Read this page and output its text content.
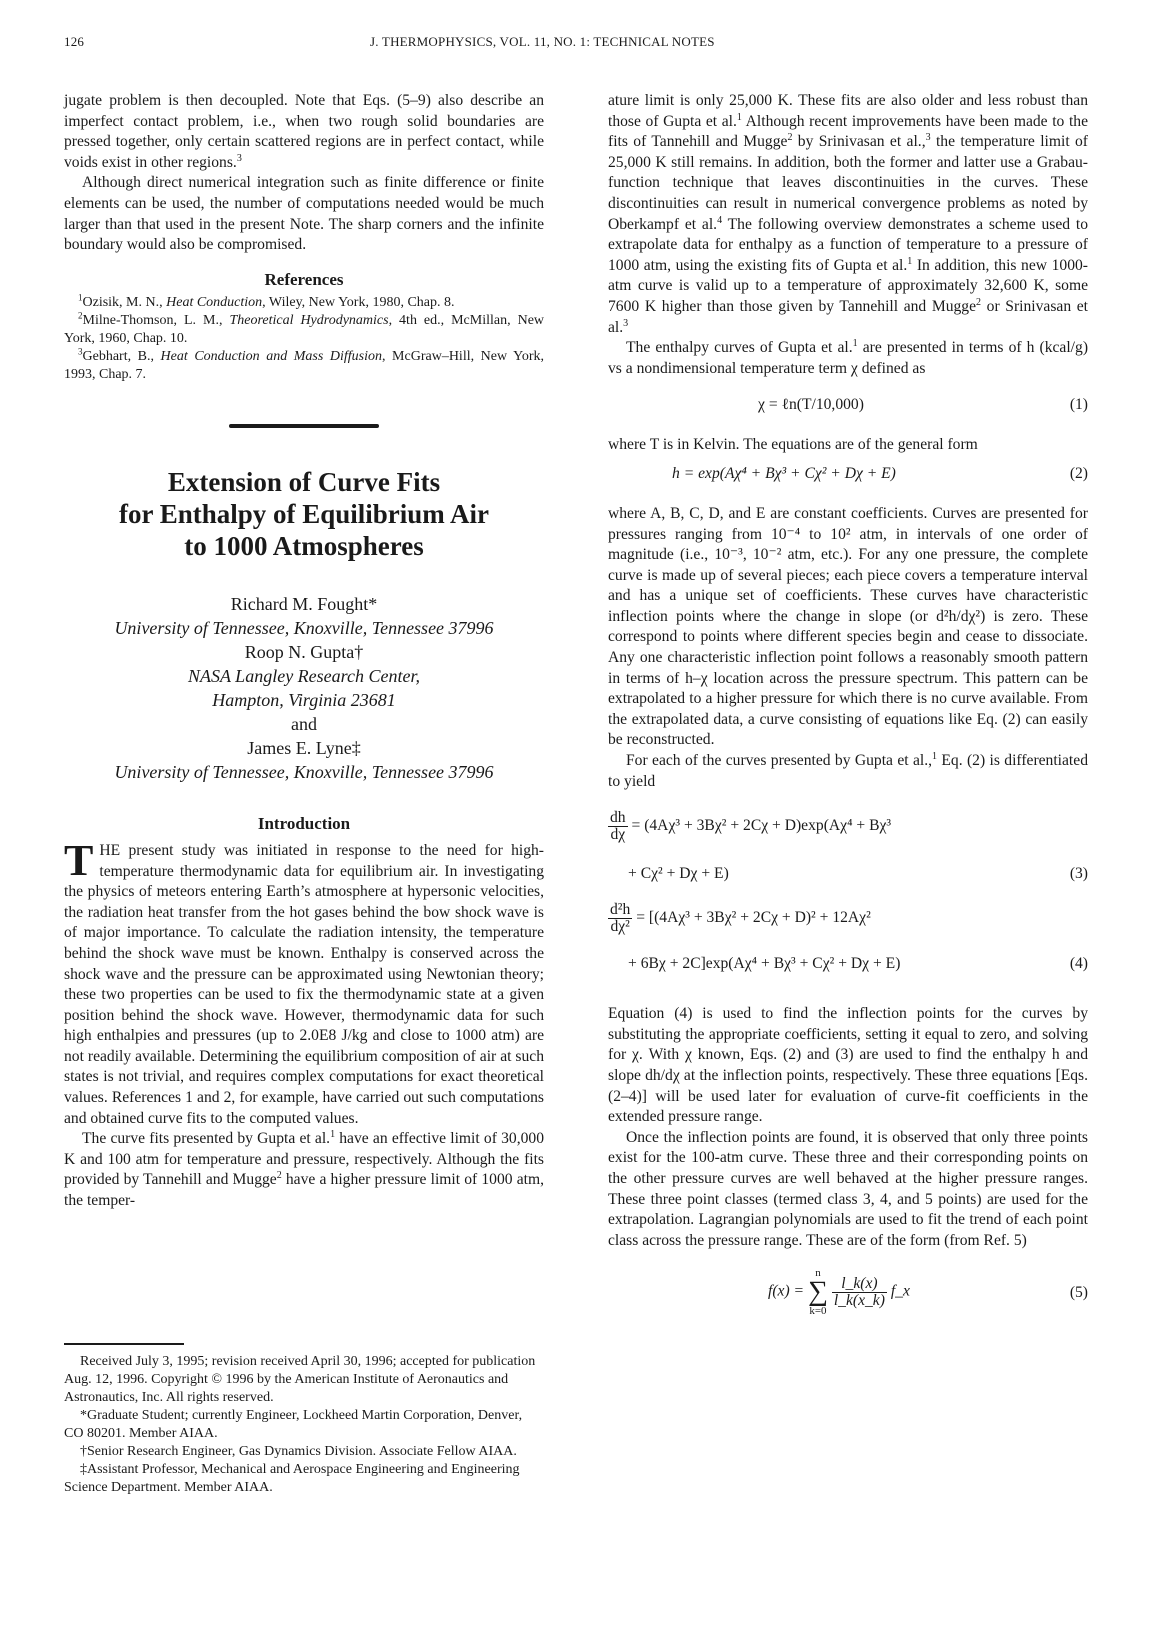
126	J. THERMOPHYSICS, VOL. 11, NO. 1: TECHNICAL NOTES

jugate problem is then decoupled. Note that Eqs. (5–9) also describe an imperfect contact problem, i.e., when two rough solid boundaries are pressed together, only certain scattered regions are in perfect contact, while voids exist in other regions.$^3$

Although direct numerical integration such as finite difference or finite elements can be used, the number of computations needed would be much larger than that used in the present Note. The sharp corners and the infinite boundary would also be compromised.

References

$^1$Ozisik, M. N., Heat Conduction, Wiley, New York, 1980, Chap. 8.

$^2$Milne-Thomson, L. M., Theoretical Hydrodynamics, 4th ed., McMillan, New York, 1960, Chap. 10.

$^3$Gebhart, B., Heat Conduction and Mass Diffusion, McGraw–Hill, New York, 1993, Chap. 7.

Extension of Curve Fits

for Enthalpy of Equilibrium Air

to 1000 Atmospheres

Richard M. Fought*
University of Tennessee, Knoxville, Tennessee 37996
Roop N. Gupta†
NASA Langley Research Center,
Hampton, Virginia 23681
and
James E. Lyne‡
University of Tennessee, Knoxville, Tennessee 37996

Introduction

THE present study was initiated in response to the need for high-temperature thermodynamic data for equilibrium air. In investigating the physics of meteors entering Earth’s atmosphere at hypersonic velocities, the radiation heat transfer from the hot gases behind the bow shock wave is of major importance. To calculate the radiation intensity, the temperature behind the shock wave must be known. Enthalpy is conserved across the shock wave and the pressure can be approximated using Newtonian theory; these two properties can be used to fix the thermodynamic state at a given position behind the shock wave. However, thermodynamic data for such high enthalpies and pressures (up to 2.0E8 J/kg and close to 1000 atm) are not readily available. Determining the equilibrium composition of air at such states is not trivial, and requires complex computations for exact theoretical values. References 1 and 2, for example, have carried out such computations and obtained curve fits to the computed values.

The curve fits presented by Gupta et al.$^1$ have an effective limit of 30,000 K and 100 atm for temperature and pressure, respectively. Although the fits provided by Tannehill and Mugge$^2$ have a higher pressure limit of 1000 atm, the temper-

Received July 3, 1995; revision received April 30, 1996; accepted for publication Aug. 12, 1996. Copyright © 1996 by the American Institute of Aeronautics and Astronautics, Inc. All rights reserved.

*Graduate Student; currently Engineer, Lockheed Martin Corporation, Denver, CO 80201. Member AIAA.

†Senior Research Engineer, Gas Dynamics Division. Associate Fellow AIAA.

‡Assistant Professor, Mechanical and Aerospace Engineering and Engineering Science Department. Member AIAA.

ature limit is only 25,000 K. These fits are also older and less robust than those of Gupta et al.$^1$ Although recent improvements have been made to the fits of Tannehill and Mugge$^2$ by Srinivasan et al.,$^3$ the temperature limit of 25,000 K still remains. In addition, both the former and latter use a Grabau-function technique that leaves discontinuities in the curves. These discontinuities can result in numerical convergence problems as noted by Oberkampf et al.$^4$ The following overview demonstrates a scheme used to extrapolate data for enthalpy as a function of temperature to a pressure of 1000 atm, using the existing fits of Gupta et al.$^1$ In addition, this new 1000-atm curve is valid up to a temperature of approximately 32,600 K, some 7600 K higher than those given by Tannehill and Mugge$^2$ or Srinivasan et al.$^3$

The enthalpy curves of Gupta et al.$^1$ are presented in terms of h (kcal/g) vs a nondimensional temperature term χ defined as

χ = ℓn(T/10,000)	(1)

where T is in Kelvin. The equations are of the general form

h = exp(Aχ⁴ + Bχ³ + Cχ² + Dχ + E)	(2)

where A, B, C, D, and E are constant coefficients. Curves are presented for pressures ranging from 10⁻⁴ to 10² atm, in intervals of one order of magnitude (i.e., 10⁻³, 10⁻² atm, etc.). For any one pressure, the complete curve is made up of several pieces; each piece covers a temperature interval and has a unique set of coefficients. These curves have characteristic inflection points where the change in slope (or d²h/dχ²) is zero. These correspond to points where different species begin and cease to dissociate. Any one characteristic inflection point follows a reasonably smooth pattern in terms of h–χ location across the pressure spectrum. This pattern can be extrapolated to a higher pressure for which there is no curve available. From the extrapolated data, a curve consisting of equations like Eq. (2) can easily be reconstructed.

For each of the curves presented by Gupta et al.,$^1$ Eq. (2) is differentiated to yield

$\frac{dh}{d\chi} = (4A\chi^3 + 3B\chi^2 + 2C\chi + D)\exp(A\chi^4 + B\chi^3$
+ Cχ² + Dχ + E)	(3)
$\frac{\text{d²h}}{\text{dχ²}} = [(4A\chi^3 + 3B\chi^2 + 2C\chi + D)^2 + 12A\chi^2$
+ 6Bχ + 2C]exp(Aχ⁴ + Bχ³ + Cχ² + Dχ + E)	(4)

Equation (4) is used to find the inflection points for the curves by substituting the appropriate coefficients, setting it equal to zero, and solving for χ. With χ known, Eqs. (2) and (3) are used to find the enthalpy h and slope dh/dχ at the inflection points, respectively. These three equations [Eqs. (2–4)] will be used later for evaluation of curve-fit coefficients in the extended pressure range.

Once the inflection points are found, it is observed that only three points exist for the 100-atm curve. These three and their corresponding points on the other pressure curves are well behaved at the higher pressure ranges. These three point classes (termed class 3, 4, and 5 points) are used for the extrapolation. Lagrangian polynomials are used to fit the trend of each point class across the pressure range. These are of the form (from Ref. 5)

f(x) = n
∑
k=0
$\frac{l\_k(x)}{l\_k(x\_k)}$ f_x	(5)
